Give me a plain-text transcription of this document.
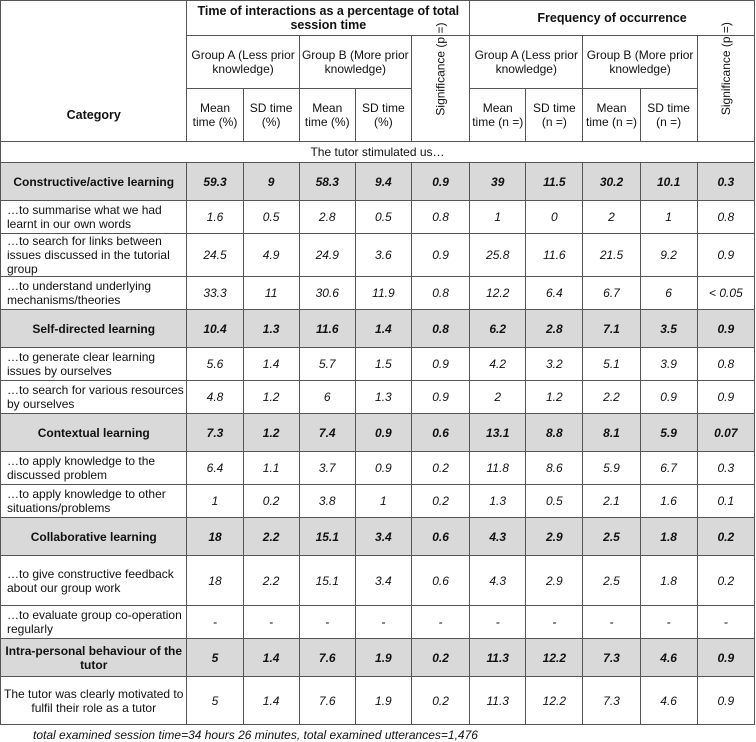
Category	Time of interactions as a percentage of total session time					Frequency of occurrence				
	Group A (Less prior knowledge)		Group B (More prior knowledge)		Significance (p =)	Group A (Less prior knowledge)		Group B (More prior knowledge)		Significance (p =)

	Mean time (%)	SD time (%)	Mean time (%)	SD time (%)		Mean time (n =)	SD time (n =)	Mean time (n =)	SD time (n =)	
The tutor stimulated us…										
Constructive/active learning	59.3	9	58.3	9.4	0.9	39	11.5	30.2	10.1	0.3
…to summarise what we had learnt in our own words	1.6	0.5	2.8	0.5	0.8	1	0	2	1	0.8
…to search for links between issues discussed in the tutorial group	24.5	4.9	24.9	3.6	0.9	25.8	11.6	21.5	9.2	0.9
…to understand underlying mechanisms/theories	33.3	11	30.6	11.9	0.8	12.2	6.4	6.7	6	< 0.05
Self-directed learning	10.4	1.3	11.6	1.4	0.8	6.2	2.8	7.1	3.5	0.9
…to generate clear learning issues by ourselves	5.6	1.4	5.7	1.5	0.9	4.2	3.2	5.1	3.9	0.8
…to search for various resources by ourselves	4.8	1.2	6	1.3	0.9	2	1.2	2.2	0.9	0.9
Contextual learning	7.3	1.2	7.4	0.9	0.6	13.1	8.8	8.1	5.9	0.07
…to apply knowledge to the discussed problem	6.4	1.1	3.7	0.9	0.2	11.8	8.6	5.9	6.7	0.3
…to apply knowledge to other situations/problems	1	0.2	3.8	1	0.2	1.3	0.5	2.1	1.6	0.1
Collaborative learning	18	2.2	15.1	3.4	0.6	4.3	2.9	2.5	1.8	0.2
…to give constructive feedback about our group work	18	2.2	15.1	3.4	0.6	4.3	2.9	2.5	1.8	0.2
…to evaluate group co-operation regularly	-	-	-	-	-	-	-	-	-	-
Intra-personal behaviour of the tutor	5	1.4	7.6	1.9	0.2	11.3	12.2	7.3	4.6	0.9
The tutor was clearly motivated to fulfil their role as a tutor	5	1.4	7.6	1.9	0.2	11.3	12.2	7.3	4.6	0.9
total examined session time=34 hours 26 minutes, total examined utterances=1,476
